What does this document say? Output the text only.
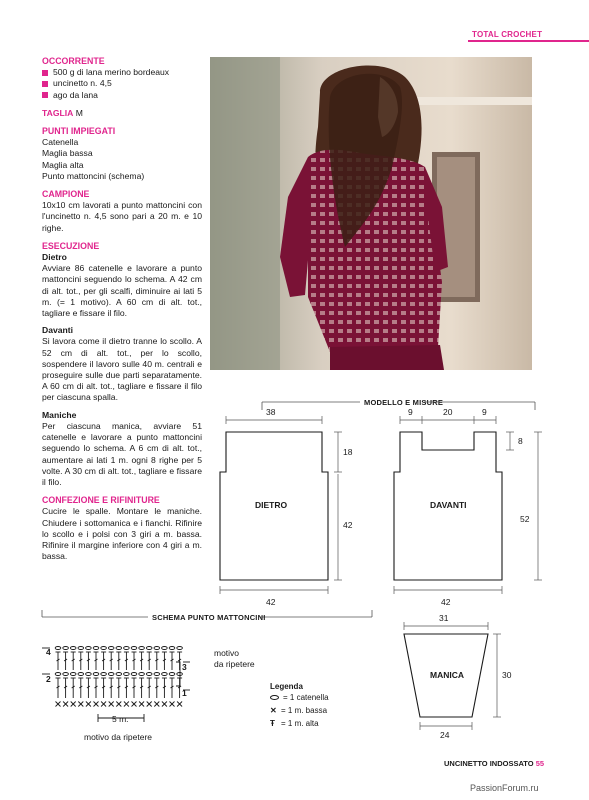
TOTAL CROCHET
OCCORRENTE
500 g di lana merino bordeaux
uncinetto n. 4,5
ago da lana
TAGLIA M
PUNTI IMPIEGATI
Catenella
Maglia bassa
Maglia alta
Punto mattoncini (schema)
CAMPIONE
10x10 cm lavorati a punto mattoncini con l'uncinetto n. 4,5 sono pari a 20 m. e 10 righe.
ESECUZIONE
Dietro
Avviare 86 catenelle e lavorare a punto mattoncini seguendo lo schema. A 42 cm di alt. tot., per gli scalfi, diminuire ai lati 5 m. (= 1 motivo). A 60 cm di alt. tot., tagliare e fissare il filo.
Davanti
Si lavora come il dietro tranne lo scollo. A 52 cm di alt. tot., per lo scollo, sospendere il lavoro sulle 40 m. centrali e proseguire sulle due parti separatamente. A 60 cm di alt. tot., tagliare e fissare il filo per ciascuna spalla.
Maniche
Per ciascuna manica, avviare 51 catenelle e lavorare a punto mattoncini seguendo lo schema. A 6 cm di alt. tot., aumentare ai lati 1 m. ogni 8 righe per 5 volte. A 30 cm di alt. tot., tagliare e fissare il filo.
CONFEZIONE E RIFINITURE
Cucire le spalle. Montare le maniche. Chiudere i sottomanica e i fianchi. Rifinire lo scollo e i polsi con 3 giri a m. bassa. Rifinire il margine inferiore con 4 giri a m. bassa.
MODELLO E MISURE
38
18
42
42
DIETRO
9	20	9
8
52
42
DAVANTI
31
30
24
MANICA
SCHEMA PUNTO MATTONCINI
4
3
2
1
motivo
da ripetere
5 m.
motivo da ripetere
Legenda
= 1 catenella
✕ = 1 m. bassa
Ŧ = 1 m. alta
UNCINETTO INDOSSATO 55
PassionForum.ru
